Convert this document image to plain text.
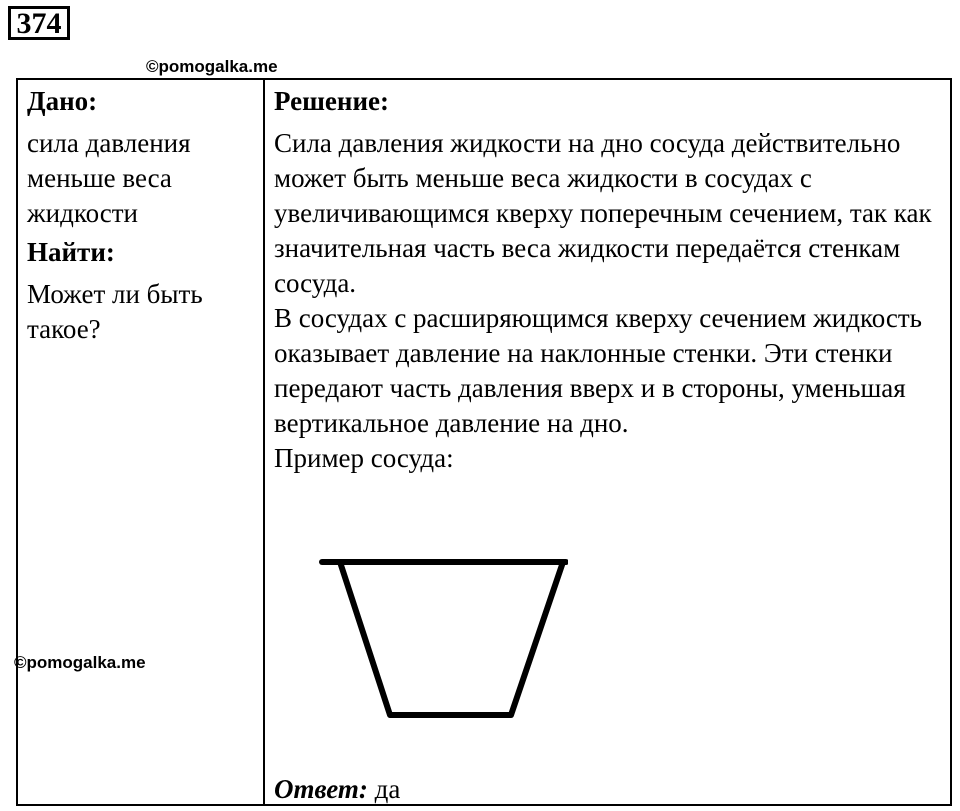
374
©pomogalka.me
Дано:
сила давления меньше веса жидкости
Найти:
Может ли быть такое?
Решение:

Сила давления жидкости на дно сосуда действительно может быть меньше веса жидкости в сосудах с увеличивающимся кверху поперечным сечением, так как значительная часть веса жидкости передаётся стенкам сосуда.

В сосудах с расширяющимся кверху сечением жидкость оказывает давление на наклонные стенки. Эти стенки передают часть давления вверх и в стороны, уменьшая вертикальное давление на дно.

Пример сосуда:

Ответ: да
©pomogalka.me
